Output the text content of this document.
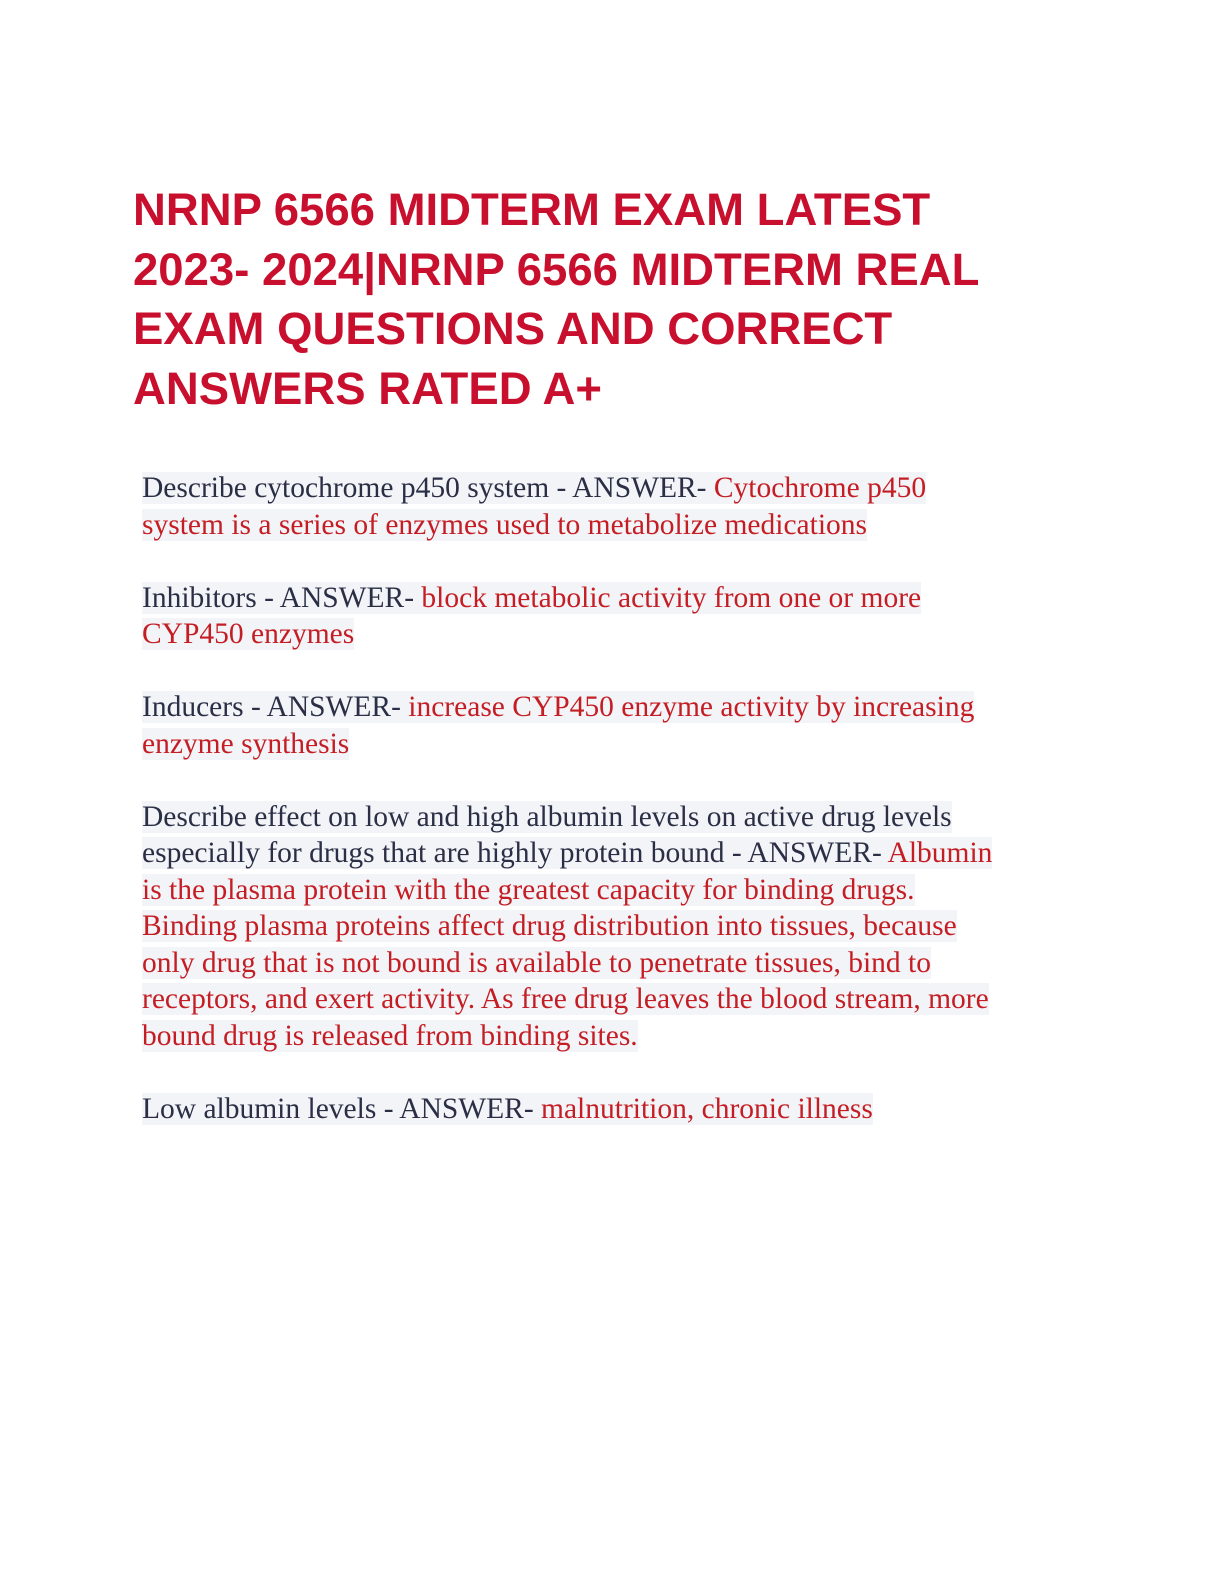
NRNP 6566 MIDTERM EXAM LATEST
2023- 2024|NRNP 6566 MIDTERM REAL
EXAM QUESTIONS AND CORRECT
ANSWERS RATED A+
Describe cytochrome p450 system - ANSWER- Cytochrome p450
system is a series of enzymes used to metabolize medications
Inhibitors - ANSWER- block metabolic activity from one or more
CYP450 enzymes
Inducers - ANSWER- increase CYP450 enzyme activity by increasing
enzyme synthesis
Describe effect on low and high albumin levels on active drug levels
especially for drugs that are highly protein bound - ANSWER- Albumin
is the plasma protein with the greatest capacity for binding drugs.
Binding plasma proteins affect drug distribution into tissues, because
only drug that is not bound is available to penetrate tissues, bind to
receptors, and exert activity. As free drug leaves the blood stream, more
bound drug is released from binding sites.
Low albumin levels - ANSWER- malnutrition, chronic illness
